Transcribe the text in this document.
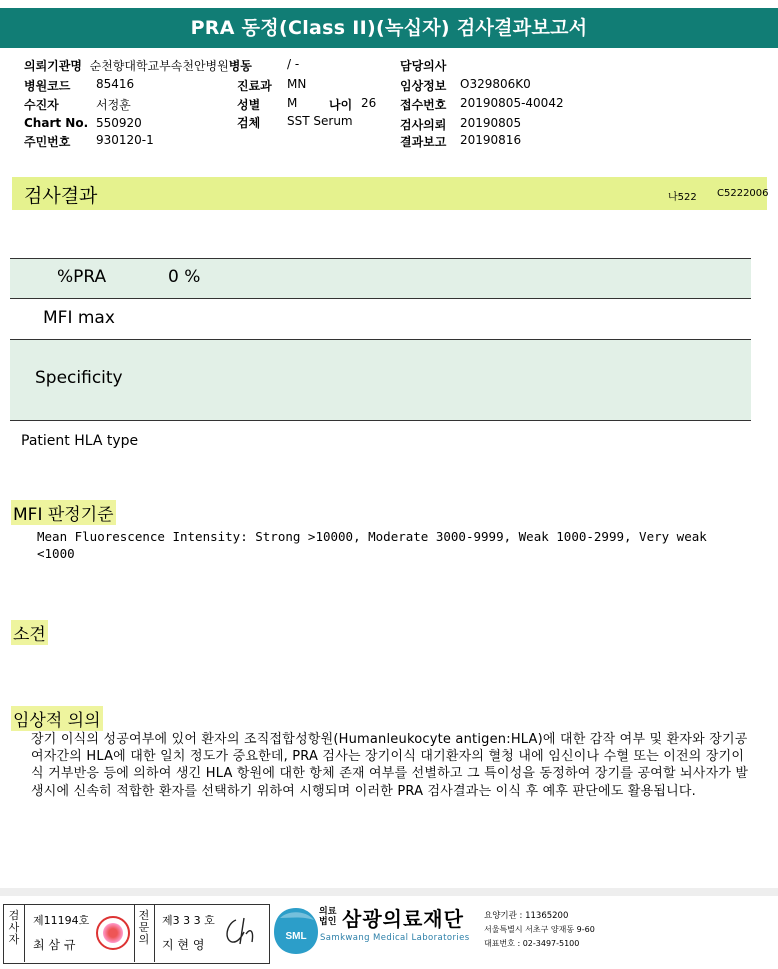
PRA 동정(Class II)(녹십자) 검사결과보고서
의뢰기관명 순천향대학교부속천안병원병동	/ -	담당의사
병원코드 85416	진료과 MN	임상정보 O329806K0
수진자	서정훈	성별 M	나이 26 접수번호 20190805-40042
Chart No. 550920	검체 SST Serum	검사의뢰 20190805
주민번호 930120-1	결과보고 20190816
검사결과	나522 C5222006
%PRA	0 %
MFI max
Specificity
Patient HLA type
MFI 판정기준
Mean Fluorescence Intensity: Strong >10000, Moderate 3000-9999, Weak 1000-2999, Very weak <1000
소견
임상적 의의
장기 이식의 성공여부에 있어 환자의 조직접합성항원(Humanleukocyte antigen:HLA)에 대한 감작 여부 및 환자와 장기공여자간의 HLA에 대한 일치 정도가 중요한데, PRA 검사는 장기이식 대기환자의 혈청 내에 임신이나 수혈 또는 이전의 장기이식 거부반응 등에 의하여 생긴 HLA 항원에 대한 항체 존재 여부를 선별하고 그 특이성을 동정하여 장기를 공여할 뇌사자가 발생시에 신속히 적합한 환자를 선택하기 위하여 시행되며 이러한 PRA 검사결과는 이식 후 예후 판단에도 활용됩니다.
검사자
제11194호
최 삼 규
전문의
제3 3 3 호
지 현 영
SML
의료법인 삼광의료재단
Samkwang Medical Laboratories
요양기관 : 11365200
서울특별시 서초구 양재동 9-60
대표번호 : 02-3497-5100
